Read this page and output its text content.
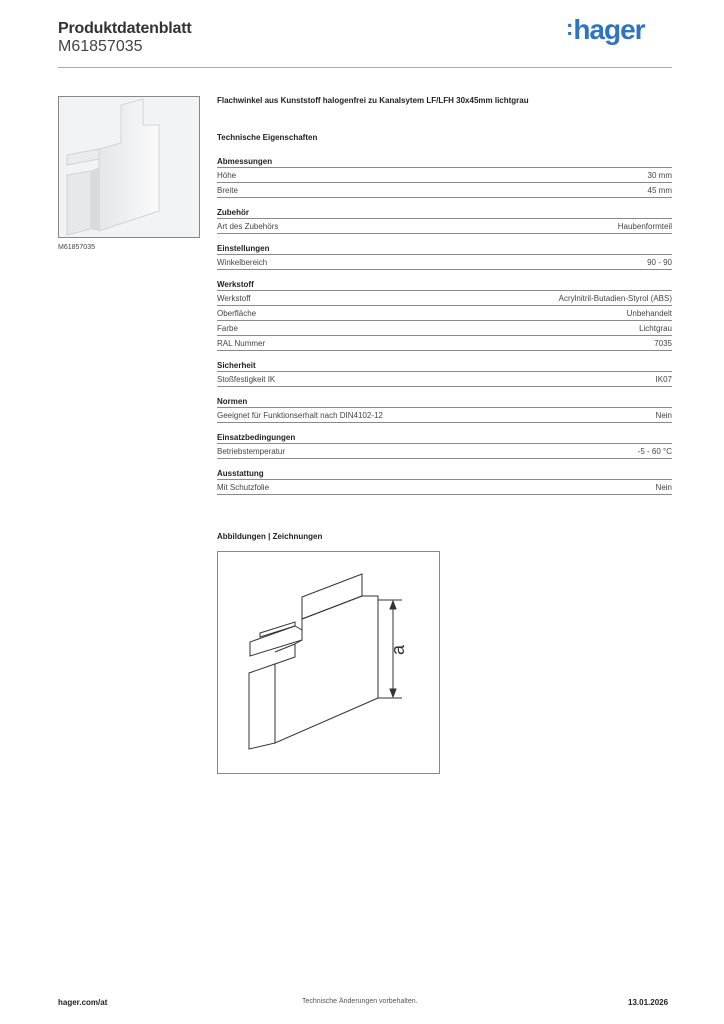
Produktdatenblatt
M61857035
:hager
M61857035
Flachwinkel aus Kunststoff halogenfrei zu Kanalsytem LF/LFH 30x45mm lichtgrau
Technische Eigenschaften
Abmessungen
Höhe	30 mm
Breite	45 mm
Zubehör
Art des Zubehörs	Haubenformteil
Einstellungen
Winkelbereich	90 - 90
Werkstoff
Werkstoff	Acrylnitril-Butadien-Styrol (ABS)
Oberfläche	Unbehandelt
Farbe	Lichtgrau
RAL Nummer	7035
Sicherheit
Stoßfestigkeit IK	IK07
Normen
Geeignet für Funktionserhalt nach DIN4102-12	Nein
Einsatzbedingungen
Betriebstemperatur	-5 - 60 °C
Ausstattung
Mit Schutzfolie	Nein
Abbildungen | Zeichnungen
a
hager.com/at	Technische Änderungen vorbehalten.	13.01.2026
